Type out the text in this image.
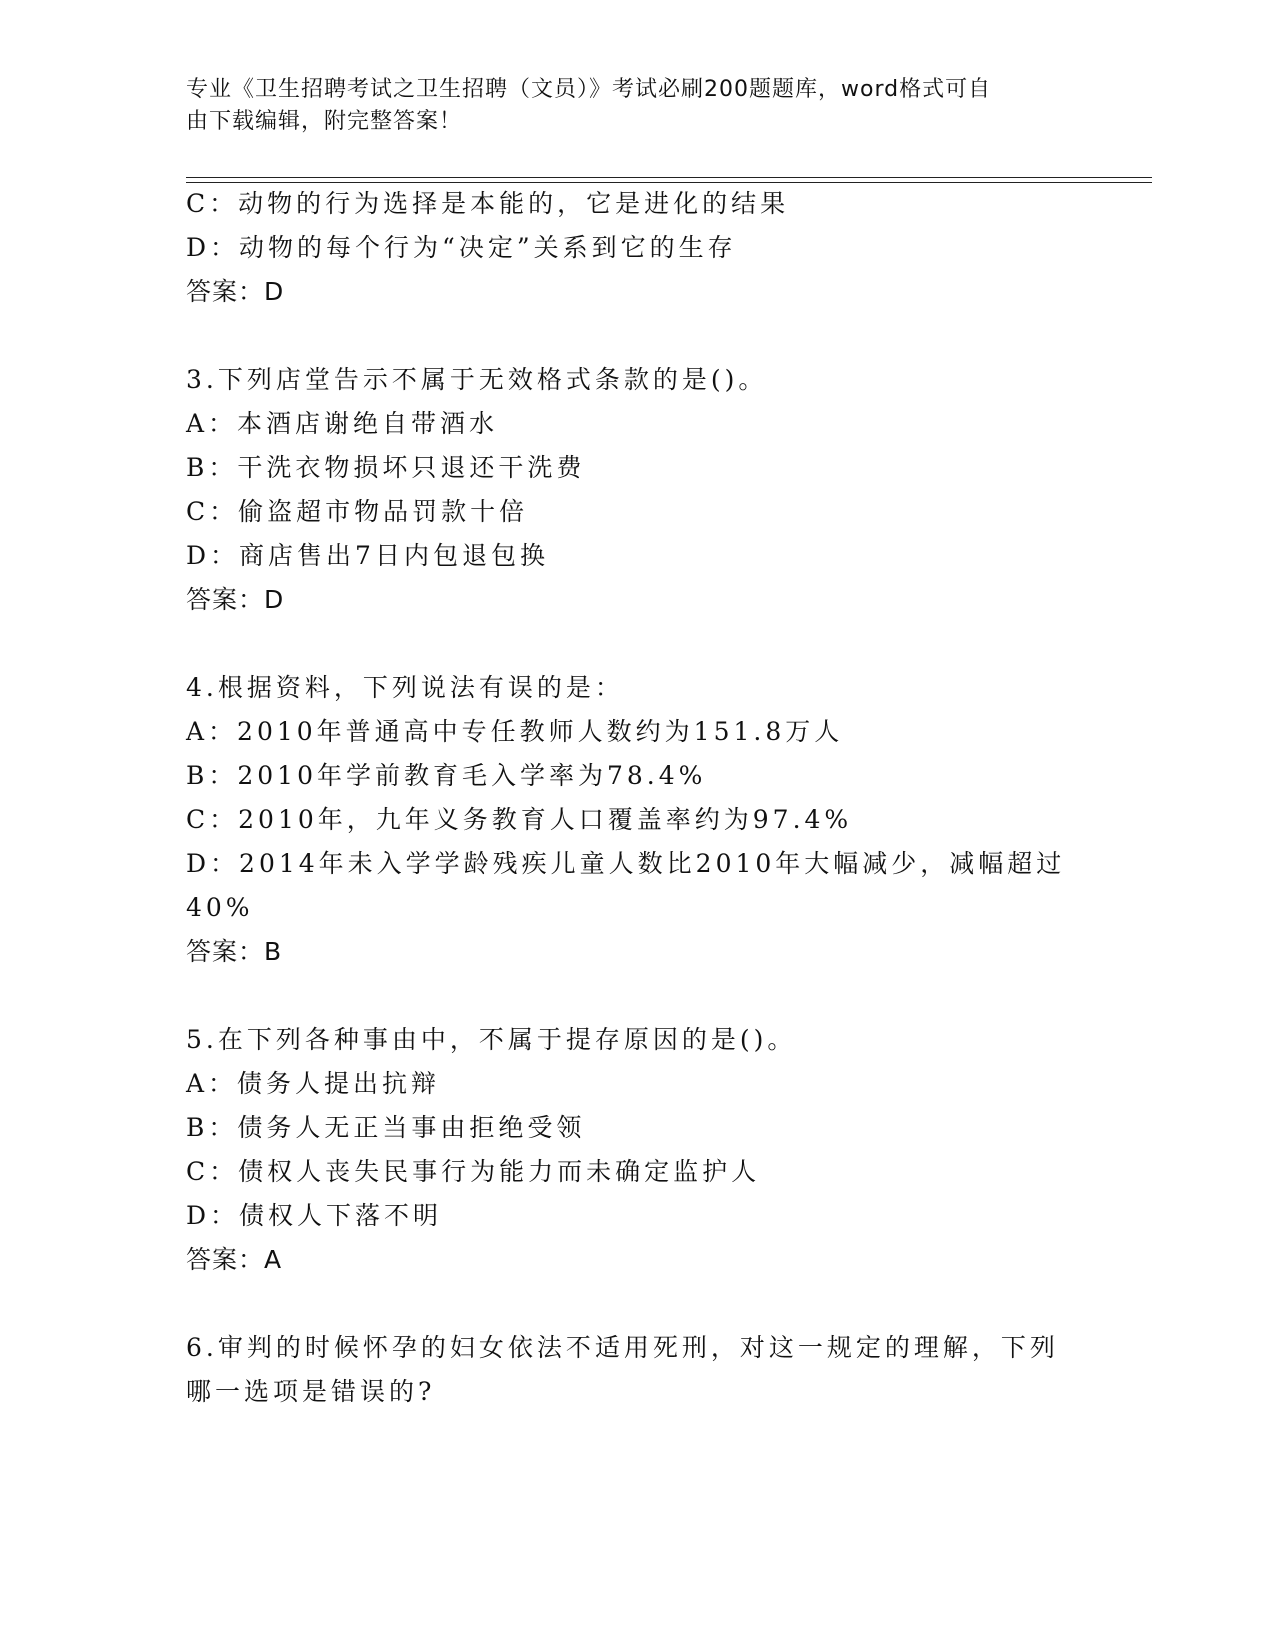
专业《卫生招聘考试之卫生招聘（文员）》考试必刷200题题库，word格式可自
由下载编辑，附完整答案！
C：动物的行为选择是本能的，它是进化的结果
D：动物的每个行为“决定”关系到它的生存
答案：D
3.下列店堂告示不属于无效格式条款的是()。
A：本酒店谢绝自带酒水
B：干洗衣物损坏只退还干洗费
C：偷盗超市物品罚款十倍
D：商店售出7日内包退包换
答案：D
4.根据资料，下列说法有误的是：
A：2010年普通高中专任教师人数约为151.8万人
B：2010年学前教育毛入学率为78.4%
C：2010年，九年义务教育人口覆盖率约为97.4%
D：2014年未入学学龄残疾儿童人数比2010年大幅减少，减幅超过
40%
答案：B
5.在下列各种事由中，不属于提存原因的是()。
A：债务人提出抗辩
B：债务人无正当事由拒绝受领
C：债权人丧失民事行为能力而未确定监护人
D：债权人下落不明
答案：A
6.审判的时候怀孕的妇女依法不适用死刑，对这一规定的理解，下列
哪一选项是错误的?
